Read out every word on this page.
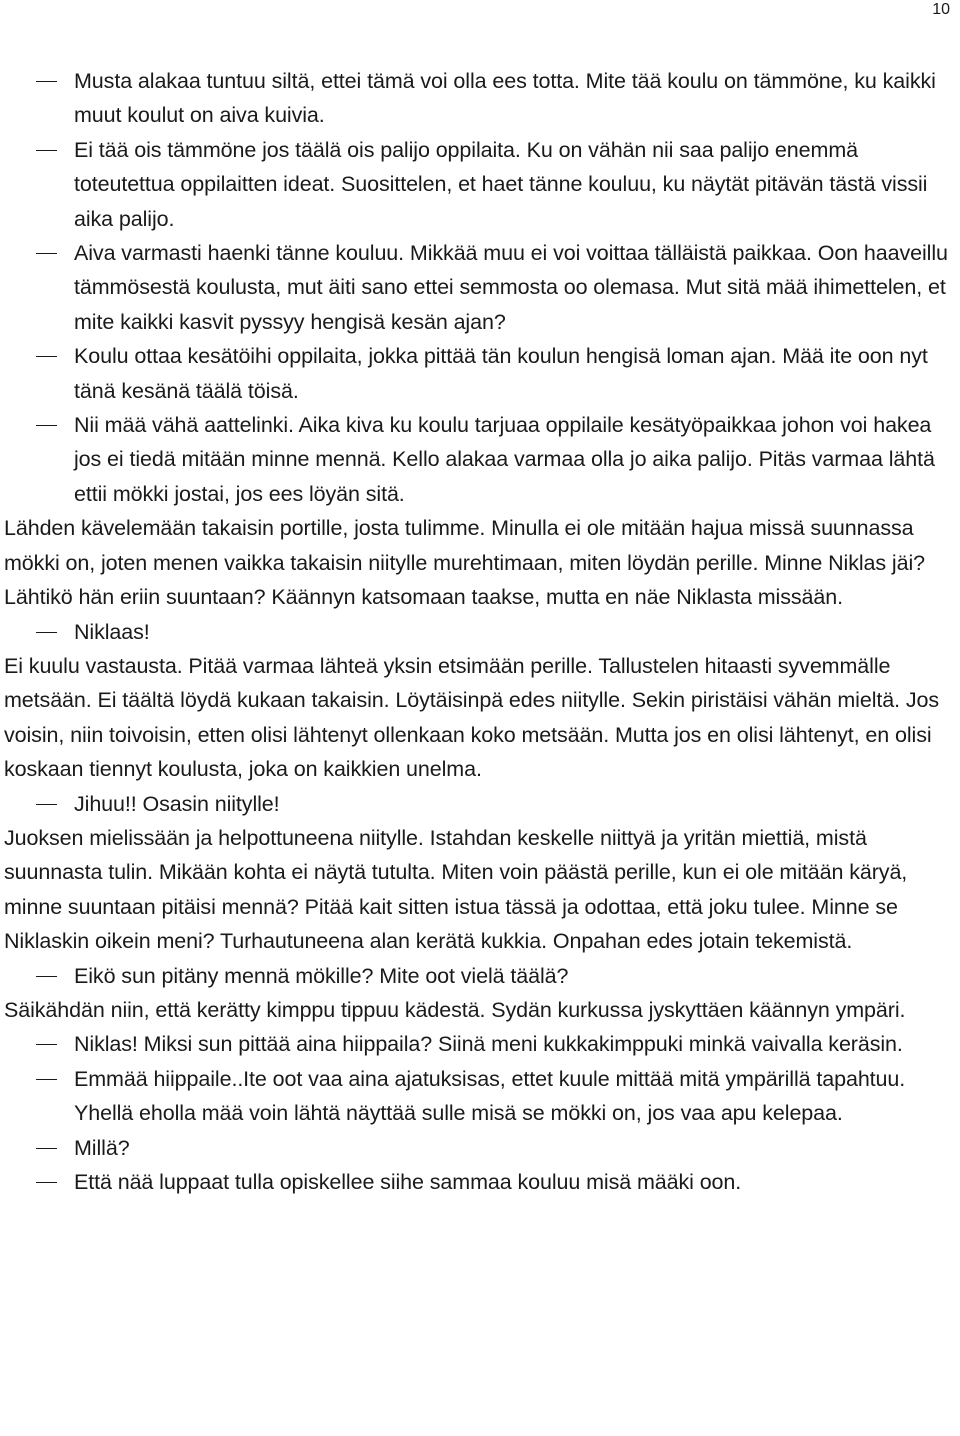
10
Musta alakaa tuntuu siltä, ettei tämä voi olla ees totta. Mite tää koulu on tämmöne, ku kaikki muut koulut on aiva kuivia.
Ei tää ois tämmöne jos täälä ois palijo oppilaita. Ku on vähän nii saa palijo enemmä toteutettua oppilaitten ideat. Suosittelen, et haet tänne kouluu, ku näytät pitävän tästä vissii aika palijo.
Aiva varmasti haenki tänne kouluu. Mikkää muu ei voi voittaa tälläistä paikkaa. Oon haaveillu tämmösestä koulusta, mut äiti sano ettei semmosta oo olemasa. Mut sitä mää ihimettelen, et mite kaikki kasvit pyssyy hengisä kesän ajan?
Koulu ottaa kesätöihi oppilaita, jokka pittää tän koulun hengisä loman ajan. Mää ite oon nyt tänä kesänä täälä töisä.
Nii mää vähä aattelinki. Aika kiva ku koulu tarjuaa oppilaile kesätyöpaikkaa johon voi hakea jos ei tiedä mitään minne mennä. Kello alakaa varmaa olla jo aika palijo. Pitäs varmaa lähtä ettii mökki jostai, jos ees löyän sitä.
Lähden kävelemään takaisin portille, josta tulimme. Minulla ei ole mitään hajua missä suunnassa mökki on, joten menen vaikka takaisin niitylle murehtimaan, miten löydän perille. Minne Niklas jäi? Lähtikö hän eriin suuntaan? Käännyn katsomaan taakse, mutta en näe Niklasta missään.
Niklaas!
Ei kuulu vastausta. Pitää varmaa lähteä yksin etsimään perille. Tallustelen hitaasti syvemmälle metsään. Ei täältä löydä kukaan takaisin. Löytäisinpä edes niitylle. Sekin piristäisi vähän mieltä. Jos voisin, niin toivoisin, etten olisi lähtenyt ollenkaan koko metsään. Mutta jos en olisi lähtenyt, en olisi koskaan tiennyt koulusta, joka on kaikkien unelma.
Jihuu!! Osasin niitylle!
Juoksen mielissään ja helpottuneena niitylle. Istahdan keskelle niittyä ja yritän miettiä, mistä suunnasta tulin. Mikään kohta ei näytä tutulta. Miten voin päästä perille, kun ei ole mitään käryä, minne suuntaan pitäisi mennä? Pitää kait sitten istua tässä ja odottaa, että joku tulee. Minne se Niklaskin oikein meni? Turhautuneena alan kerätä kukkia. Onpahan edes jotain tekemistä.
Eikö sun pitäny mennä mökille? Mite oot vielä täälä?
Säikähdän niin, että kerätty kimppu tippuu kädestä. Sydän kurkussa jyskyttäen käännyn ympäri.
Niklas! Miksi sun pittää aina hiippaila? Siinä meni kukkakimppuki minkä vaivalla keräsin.
Emmää hiippaile..Ite oot vaa aina ajatuksisas, ettet kuule mittää mitä ympärillä tapahtuu. Yhellä eholla mää voin lähtä näyttää sulle misä se mökki on, jos vaa apu kelepaa.
Millä?
Että nää luppaat tulla opiskellee siihe sammaa kouluu misä määki oon.
